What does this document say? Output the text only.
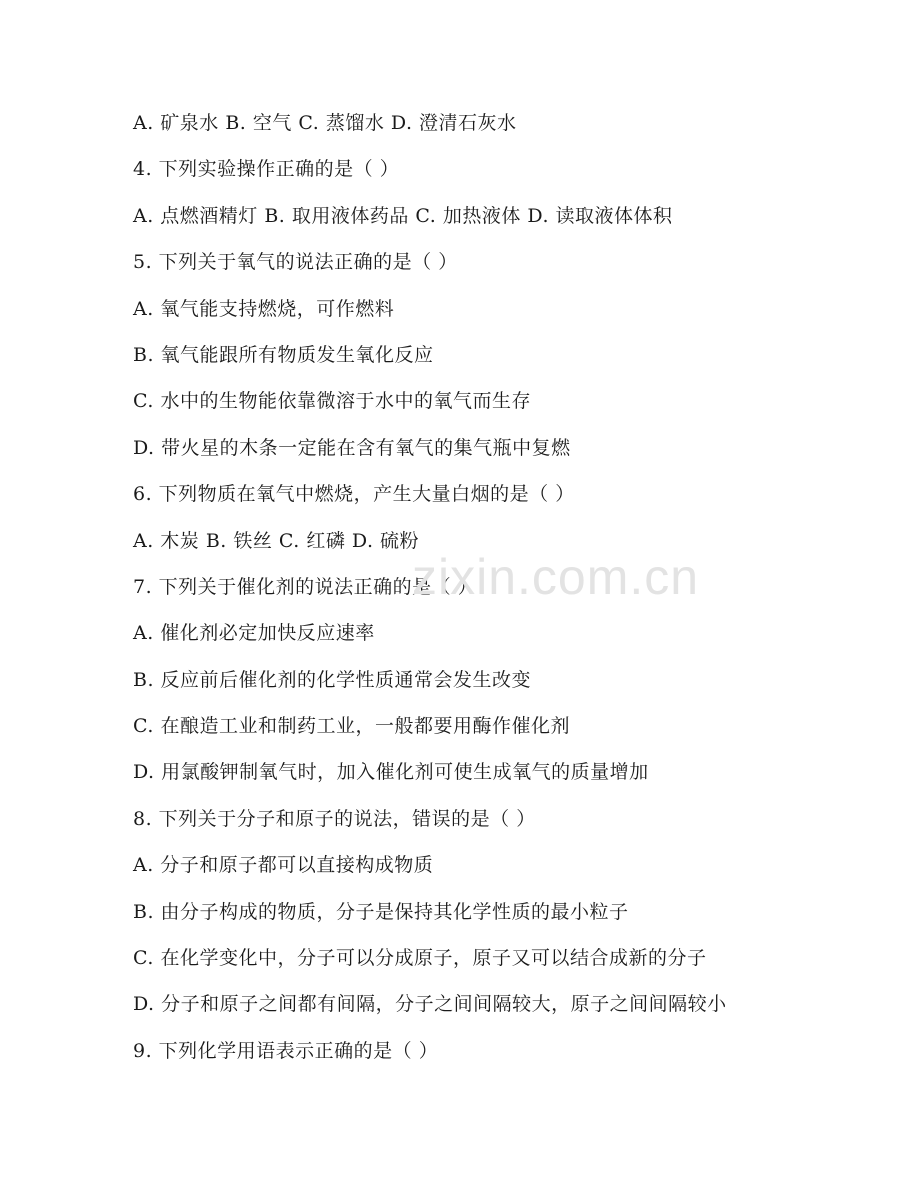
A. 矿泉水 B. 空气 C. 蒸馏水 D. 澄清石灰水
4. 下列实验操作正确的是（ ）
A. 点燃酒精灯 B. 取用液体药品 C. 加热液体 D. 读取液体体积
5. 下列关于氧气的说法正确的是（ ）
A. 氧气能支持燃烧，可作燃料
B. 氧气能跟所有物质发生氧化反应
C. 水中的生物能依靠微溶于水中的氧气而生存
D. 带火星的木条一定能在含有氧气的集气瓶中复燃
6. 下列物质在氧气中燃烧，产生大量白烟的是（ ）
A. 木炭 B. 铁丝 C. 红磷 D. 硫粉
7. 下列关于催化剂的说法正确的是（ ）
A. 催化剂必定加快反应速率
B. 反应前后催化剂的化学性质通常会发生改变
C. 在酿造工业和制药工业，一般都要用酶作催化剂
D. 用氯酸钾制氧气时，加入催化剂可使生成氧气的质量增加
8. 下列关于分子和原子的说法，错误的是（ ）
A. 分子和原子都可以直接构成物质
B. 由分子构成的物质，分子是保持其化学性质的最小粒子
C. 在化学变化中，分子可以分成原子，原子又可以结合成新的分子
D. 分子和原子之间都有间隔，分子之间间隔较大，原子之间间隔较小
9. 下列化学用语表示正确的是（ ）
zixin.com.cn
